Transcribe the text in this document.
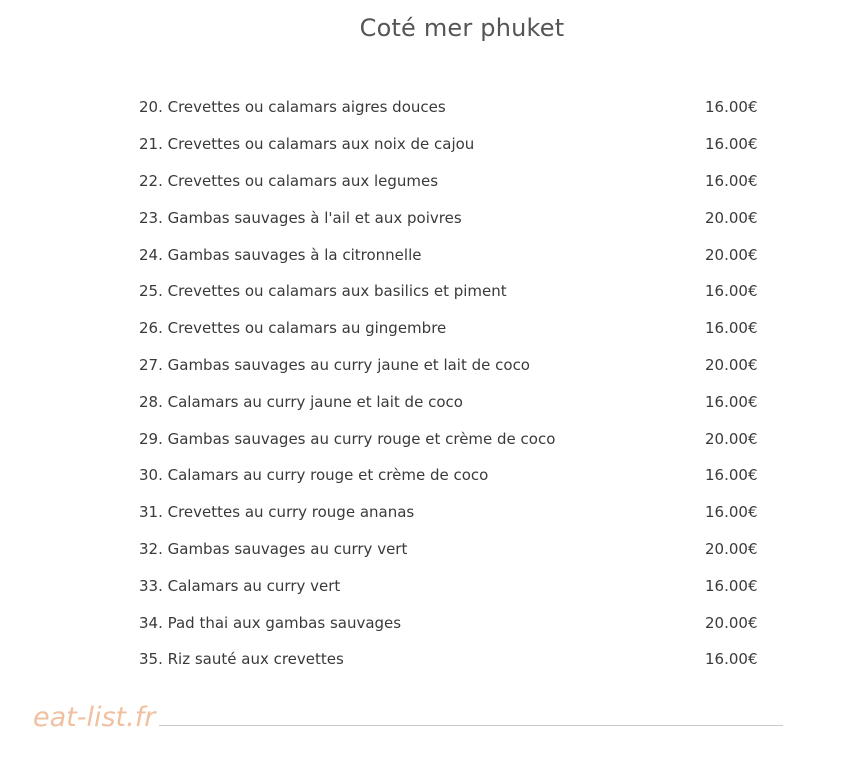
Coté mer phuket
20. Crevettes ou calamars aigres douces	16.00€
21. Crevettes ou calamars aux noix de cajou	16.00€
22. Crevettes ou calamars aux legumes	16.00€
23. Gambas sauvages à l'ail et aux poivres	20.00€
24. Gambas sauvages à la citronnelle	20.00€
25. Crevettes ou calamars aux basilics et piment	16.00€
26. Crevettes ou calamars au gingembre	16.00€
27. Gambas sauvages au curry jaune et lait de coco	20.00€
28. Calamars au curry jaune et lait de coco	16.00€
29. Gambas sauvages au curry rouge et crème de coco	20.00€
30. Calamars au curry rouge et crème de coco	16.00€
31. Crevettes au curry rouge ananas	16.00€
32. Gambas sauvages au curry vert	20.00€
33. Calamars au curry vert	16.00€
34. Pad thai aux gambas sauvages	20.00€
35. Riz sauté aux crevettes	16.00€
eat-list.fr
